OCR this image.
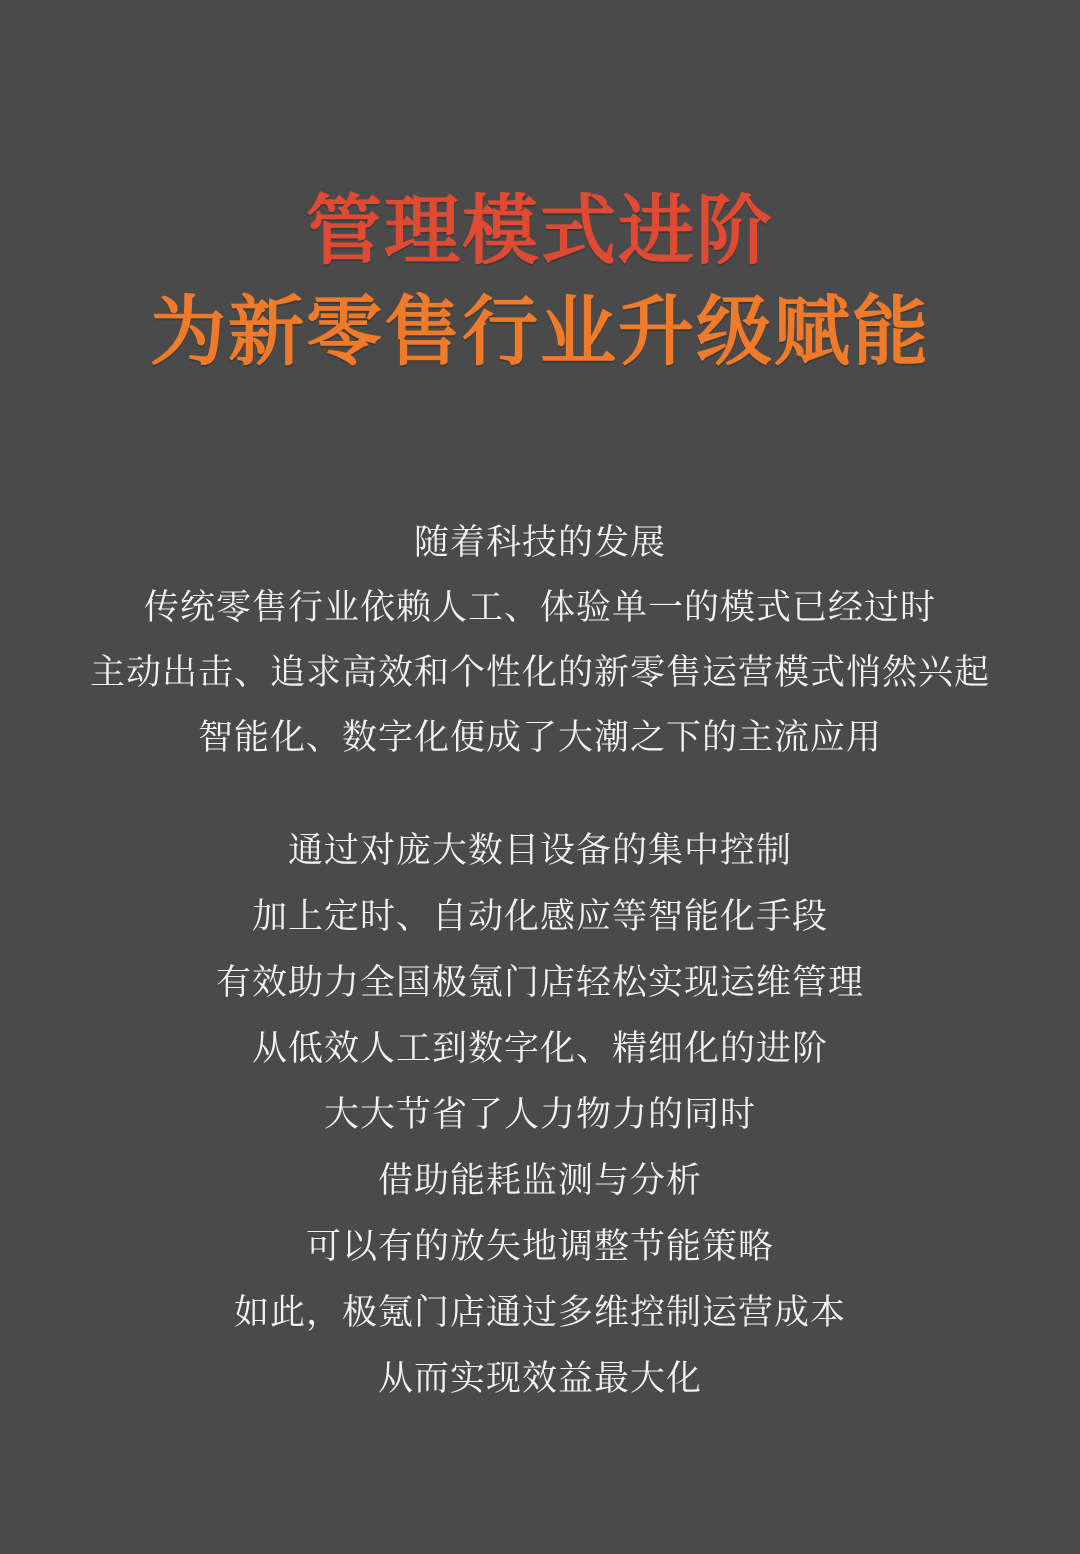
管理模式进阶
为新零售行业升级赋能
随着科技的发展
传统零售行业依赖人工、体验单一的模式已经过时
主动出击、追求高效和个性化的新零售运营模式悄然兴起
智能化、数字化便成了大潮之下的主流应用
通过对庞大数目设备的集中控制
加上定时、自动化感应等智能化手段
有效助力全国极氪门店轻松实现运维管理
从低效人工到数字化、精细化的进阶
大大节省了人力物力的同时
借助能耗监测与分析
可以有的放矢地调整节能策略
如此，极氪门店通过多维控制运营成本
从而实现效益最大化
